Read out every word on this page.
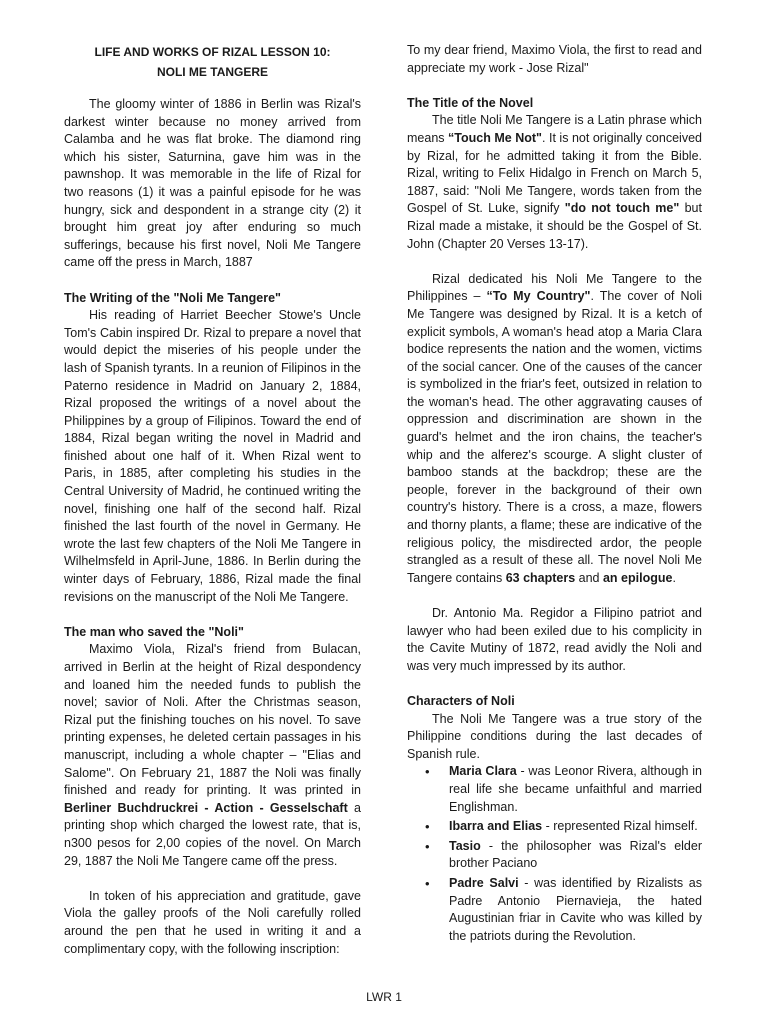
LIFE AND WORKS OF RIZAL LESSON 10:
NOLI ME TANGERE

The gloomy winter of 1886 in Berlin was Rizal's darkest winter because no money arrived from Calamba and he was flat broke. The diamond ring which his sister, Saturnina, gave him was in the pawnshop. It was memorable in the life of Rizal for two reasons (1) it was a painful episode for he was hungry, sick and despondent in a strange city (2) it brought him great joy after enduring so much sufferings, because his first novel, Noli Me Tangere came off the press in March, 1887

The Writing of the "Noli Me Tangere"

His reading of Harriet Beecher Stowe's Uncle Tom's Cabin inspired Dr. Rizal to prepare a novel that would depict the miseries of his people under the lash of Spanish tyrants. In a reunion of Filipinos in the Paterno residence in Madrid on January 2, 1884, Rizal proposed the writings of a novel about the Philippines by a group of Filipinos. Toward the end of 1884, Rizal began writing the novel in Madrid and finished about one half of it. When Rizal went to Paris, in 1885, after completing his studies in the Central University of Madrid, he continued writing the novel, finishing one half of the second half. Rizal finished the last fourth of the novel in Germany. He wrote the last few chapters of the Noli Me Tangere in Wilhelmsfeld in April-June, 1886. In Berlin during the winter days of February, 1886, Rizal made the final revisions on the manuscript of the Noli Me Tangere.

The man who saved the "Noli"

Maximo Viola, Rizal's friend from Bulacan, arrived in Berlin at the height of Rizal despondency and loaned him the needed funds to publish the novel; savior of Noli. After the Christmas season, Rizal put the finishing touches on his novel. To save printing expenses, he deleted certain passages in his manuscript, including a whole chapter – "Elias and Salome". On February 21, 1887 the Noli was finally finished and ready for printing. It was printed in Berliner Buchdruckrei - Action - Gesselschaft a printing shop which charged the lowest rate, that is, n300 pesos for 2,00 copies of the novel. On March 29, 1887 the Noli Me Tangere came off the press.

In token of his appreciation and gratitude, gave Viola the galley proofs of the Noli carefully rolled around the pen that he used in writing it and a complimentary copy, with the following inscription:

To my dear friend, Maximo Viola, the first to read and appreciate my work - Jose Rizal"

The Title of the Novel

The title Noli Me Tangere is a Latin phrase which means “Touch Me Not". It is not originally conceived by Rizal, for he admitted taking it from the Bible. Rizal, writing to Felix Hidalgo in French on March 5, 1887, said: "Noli Me Tangere, words taken from the Gospel of St. Luke, signify "do not touch me" but Rizal made a mistake, it should be the Gospel of St. John (Chapter 20 Verses 13-17).

Rizal dedicated his Noli Me Tangere to the Philippines – “To My Country". The cover of Noli Me Tangere was designed by Rizal. It is a ketch of explicit symbols, A woman's head atop a Maria Clara bodice represents the nation and the women, victims of the social cancer. One of the causes of the cancer is symbolized in the friar's feet, outsized in relation to the woman's head. The other aggravating causes of oppression and discrimination are shown in the guard's helmet and the iron chains, the teacher's whip and the alferez's scourge. A slight cluster of bamboo stands at the backdrop; these are the people, forever in the background of their own country's history. There is a cross, a maze, flowers and thorny plants, a flame; these are indicative of the religious policy, the misdirected ardor, the people strangled as a result of these all. The novel Noli Me Tangere contains 63 chapters and an epilogue.

Dr. Antonio Ma. Regidor a Filipino patriot and lawyer who had been exiled due to his complicity in the Cavite Mutiny of 1872, read avidly the Noli and was very much impressed by its author.

Characters of Noli

The Noli Me Tangere was a true story of the Philippine conditions during the last decades of Spanish rule.

• Maria Clara - was Leonor Rivera, although in real life she became unfaithful and married Englishman.
• Ibarra and Elias - represented Rizal himself.
• Tasio - the philosopher was Rizal's elder brother Paciano
• Padre Salvi - was identified by Rizalists as Padre Antonio Piernavieja, the hated Augustinian friar in Cavite who was killed by the patriots during the Revolution.
LWR 1
